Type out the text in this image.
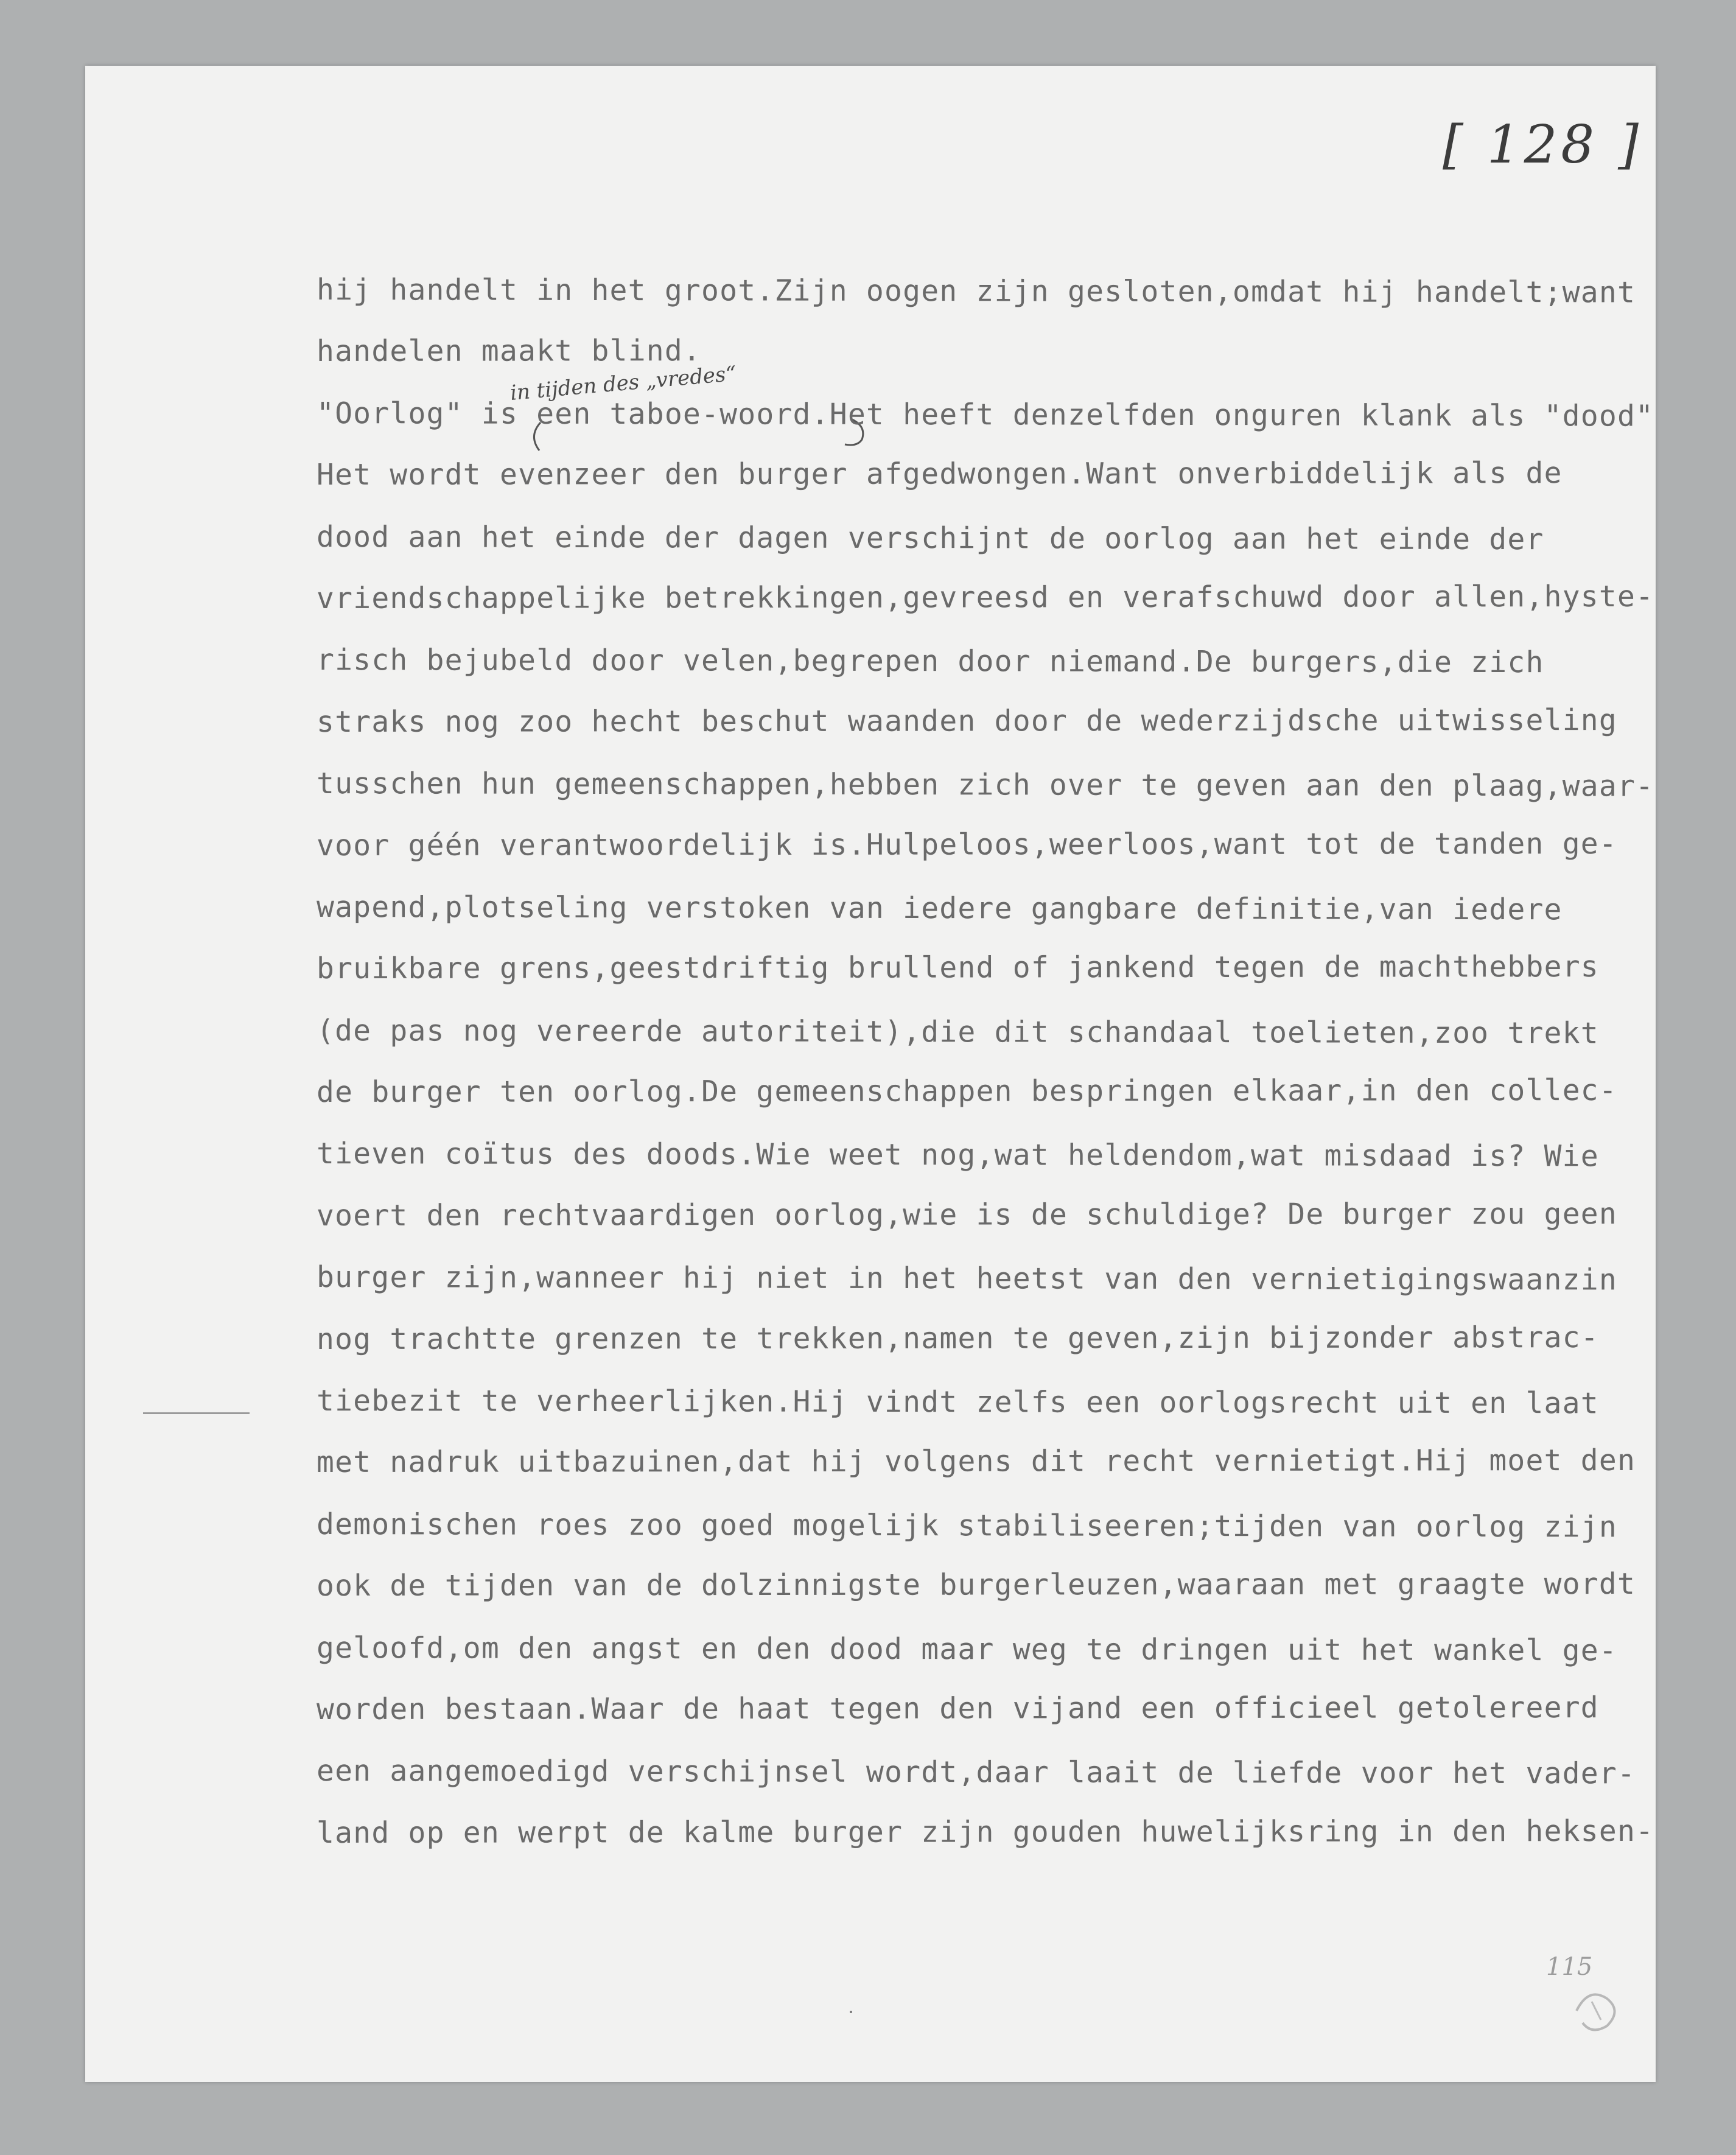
[ 128 ]
in tijden des „vredes“
hij handelt in het groot.Zijn oogen zijn gesloten,omdat hij handelt;want
handelen maakt blind.
"Oorlog" is een taboe-woord.Het heeft denzelfden onguren klank als "dood"
Het wordt evenzeer den burger afgedwongen.Want onverbiddelijk als de
dood aan het einde der dagen verschijnt de oorlog aan het einde der
vriendschappelijke betrekkingen,gevreesd en verafschuwd door allen,hyste-
risch bejubeld door velen,begrepen door niemand.De burgers,die zich
straks nog zoo hecht beschut waanden door de wederzijdsche uitwisseling
tusschen hun gemeenschappen,hebben zich over te geven aan den plaag,waar-
voor géén verantwoordelijk is.Hulpeloos,weerloos,want tot de tanden ge-
wapend,plotseling verstoken van iedere gangbare definitie,van iedere
bruikbare grens,geestdriftig brullend of jankend tegen de machthebbers
(de pas nog vereerde autoriteit),die dit schandaal toelieten,zoo trekt
de burger ten oorlog.De gemeenschappen bespringen elkaar,in den collec-
tieven coïtus des doods.Wie weet nog,wat heldendom,wat misdaad is? Wie
voert den rechtvaardigen oorlog,wie is de schuldige? De burger zou geen
burger zijn,wanneer hij niet in het heetst van den vernietigingswaanzin
nog trachtte grenzen te trekken,namen te geven,zijn bijzonder abstrac-
tiebezit te verheerlijken.Hij vindt zelfs een oorlogsrecht uit en laat
met nadruk uitbazuinen,dat hij volgens dit recht vernietigt.Hij moet den
demonischen roes zoo goed mogelijk stabiliseeren;tijden van oorlog zijn
ook de tijden van de dolzinnigste burgerleuzen,waaraan met graagte wordt
geloofd,om den angst en den dood maar weg te dringen uit het wankel ge-
worden bestaan.Waar de haat tegen den vijand een officieel getolereerd
een aangemoedigd verschijnsel wordt,daar laait de liefde voor het vader-
land op en werpt de kalme burger zijn gouden huwelijksring in den heksen-
115
